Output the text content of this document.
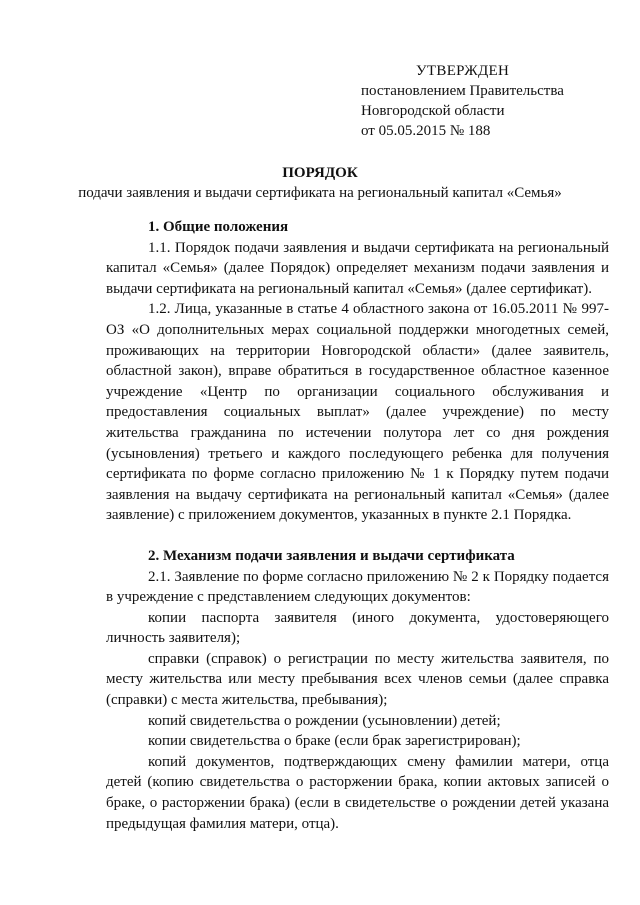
УТВЕРЖДЕН
постановлением Правительства
Новгородской области
от 05.05.2015 № 188
ПОРЯДОК
подачи заявления и выдачи сертификата на региональный капитал «Семья»
1. Общие положения

1.1. Порядок подачи заявления и выдачи сертификата на региональный капитал «Семья» (далее Порядок) определяет механизм подачи заявления и выдачи сертификата на региональный капитал «Семья» (далее сертификат).

1.2. Лица, указанные в статье 4 областного закона от 16.05.2011 № 997-ОЗ «О дополнительных мерах социальной поддержки многодетных семей, проживающих на территории Новгородской области» (далее заявитель, областной закон), вправе обратиться в государственное областное казенное учреждение «Центр по организации социального обслуживания и предоставления социальных выплат» (далее учреждение) по месту жительства гражданина по истечении полутора лет со дня рождения (усыновления) третьего и каждого последующего ребенка для получения сертификата по форме согласно приложению № 1 к Порядку путем подачи заявления на выдачу сертификата на региональный капитал «Семья» (далее заявление) с приложением документов, указанных в пункте 2.1 Порядка.

2. Механизм подачи заявления и выдачи сертификата

2.1. Заявление по форме согласно приложению № 2 к Порядку подается в учреждение с представлением следующих документов:

копии паспорта заявителя (иного документа, удостоверяющего личность заявителя);

справки (справок) о регистрации по месту жительства заявителя, по месту жительства или месту пребывания всех членов семьи (далее справка (справки) с места жительства, пребывания);

копий свидетельства о рождении (усыновлении) детей;

копии свидетельства о браке (если брак зарегистрирован);

копий документов, подтверждающих смену фамилии матери, отца детей (копию свидетельства о расторжении брака, копии актовых записей о браке, о расторжении брака) (если в свидетельстве о рождении детей указана предыдущая фамилия матери, отца).
